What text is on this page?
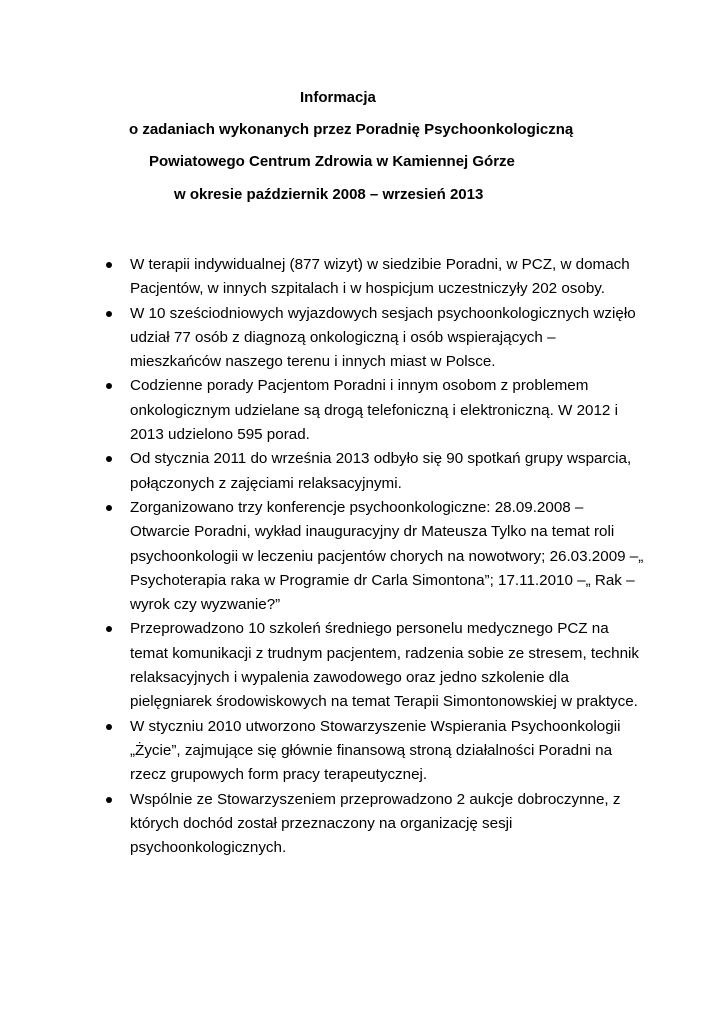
Informacja
o zadaniach wykonanych przez Poradnię Psychoonkologiczną
Powiatowego Centrum Zdrowia w Kamiennej Górze
w okresie październik 2008 – wrzesień 2013
W terapii indywidualnej (877 wizyt) w siedzibie Poradni, w PCZ, w domach Pacjentów, w innych szpitalach i w hospicjum uczestniczyły 202 osoby.
W 10 sześciodniowych wyjazdowych sesjach psychoonkologicznych wzięło udział 77 osób z diagnozą onkologiczną i osób wspierających – mieszkańców naszego terenu i innych miast w Polsce.
Codzienne porady Pacjentom Poradni i innym osobom z problemem onkologicznym udzielane są drogą telefoniczną i elektroniczną. W 2012 i 2013 udzielono 595 porad.
Od stycznia 2011 do września 2013 odbyło się 90 spotkań grupy wsparcia, połączonych z zajęciami relaksacyjnymi.
Zorganizowano trzy konferencje psychoonkologiczne: 28.09.2008 – Otwarcie Poradni, wykład inauguracyjny dr Mateusza Tylko na temat roli psychoonkologii w leczeniu pacjentów chorych na nowotwory; 26.03.2009 –„ Psychoterapia raka w Programie dr Carla Simontona”; 17.11.2010 –„ Rak – wyrok czy wyzwanie?”
Przeprowadzono 10 szkoleń średniego personelu medycznego PCZ na temat komunikacji z trudnym pacjentem, radzenia sobie ze stresem, technik relaksacyjnych i wypalenia zawodowego oraz jedno szkolenie dla pielęgniarek środowiskowych na temat Terapii Simontonowskiej w praktyce.
W styczniu 2010 utworzono Stowarzyszenie Wspierania Psychoonkologii „Życie”, zajmujące się głównie finansową stroną działalności Poradni na rzecz grupowych form pracy terapeutycznej.
Wspólnie ze Stowarzyszeniem przeprowadzono 2 aukcje dobroczynne, z których dochód został przeznaczony na organizację sesji psychoonkologicznych.
